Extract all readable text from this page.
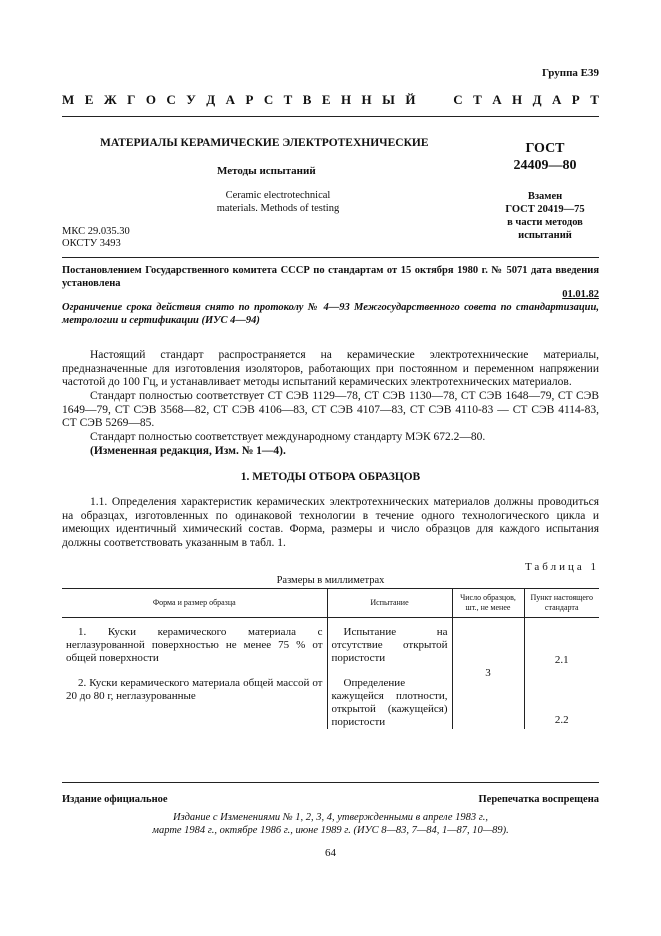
Группа Е39
М Е Ж Г О С У Д А Р С Т В Е Н Н Ы Й

	С Т А Н Д А Р Т
МАТЕРИАЛЫ КЕРАМИЧЕСКИЕ ЭЛЕКТРОТЕХНИЧЕСКИЕ
Методы испытаний
Ceramic electrotechnical
materials. Methods of testing
МКС 29.035.30
ОКСТУ 3493
ГОСТ
24409—80
Взамен
ГОСТ 20419—75
в части методов
испытаний
Постановлением Государственного комитета СССР по стандартам от 15 октября 1980 г. № 5071 дата введения установлена
01.01.82
Ограничение срока действия снято по протоколу № 4—93 Межгосударственного совета по стандартизации, метрологии и сертификации (ИУС 4—94)
Настоящий стандарт распространяется на керамические электротехнические материалы, предназначенные для изготовления изоляторов, работающих при постоянном и переменном напряжении частотой до 100 Гц, и устанавливает методы испытаний керамических электротехнических материалов.
Стандарт полностью соответствует СТ СЭВ 1129—78, СТ СЭВ 1130—78, СТ СЭВ 1648—79, СТ СЭВ 1649—79, СТ СЭВ 3568—82, СТ СЭВ 4106—83, СТ СЭВ 4107—83, СТ СЭВ 4110-83 — СТ СЭВ 4114-83, СТ СЭВ 5269—85.
Стандарт полностью соответствует международному стандарту МЭК 672.2—80.
(Измененная редакция, Изм. № 1—4).
1. МЕТОДЫ ОТБОРА ОБРАЗЦОВ
1.1. Определения характеристик керамических электротехнических материалов должны проводиться на образцах, изготовленных по одинаковой технологии в течение одного технологического цикла и имеющих идентичный химический состав. Форма, размеры и число образцов для каждого испытания должны соответствовать указанным в табл. 1.
Таблица 1
Размеры в миллиметрах
Форма и размер образца	Испытание	Число образцов, шт., не менее	Пункт настоящего стандарта
1. Куски керамического материала с неглазурованной поверхностью не менее 75 % от общей поверхности	Испытание на отсутствие открытой пористости	3	2.1
2. Куски керамического материала общей массой от 20 до 80 г, неглазурованные	Определение кажущейся плотности, открытой (кажущейся) пористости		2.2
Издание официальное	Перепечатка воспрещена
Издание с Изменениями № 1, 2, 3, 4, утвержденными в апреле 1983 г.,
марте 1984 г., октябре 1986 г., июне 1989 г. (ИУС 8—83, 7—84, 1—87, 10—89).
64
